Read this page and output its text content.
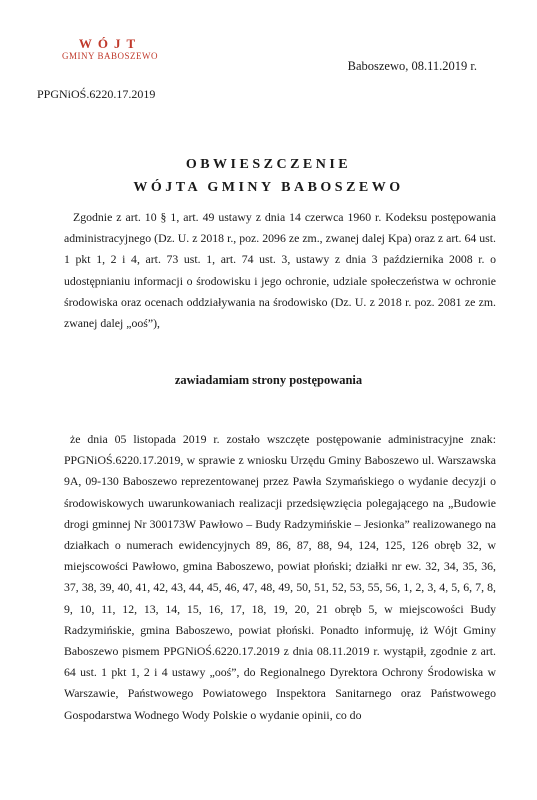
WÓJT
GMINY BABOSZEWO
Baboszewo, 08.11.2019 r.
PPGNiOŚ.6220.17.2019
OBWIESZCZENIE
WÓJTA GMINY BABOSZEWO

Zgodnie z art. 10 § 1, art. 49 ustawy z dnia 14 czerwca 1960 r. Kodeksu postępowania administracyjnego (Dz. U. z 2018 r., poz. 2096 ze zm., zwanej dalej Kpa) oraz z art. 64 ust. 1 pkt 1, 2 i 4, art. 73 ust. 1, art. 74 ust. 3, ustawy z dnia 3 października 2008 r. o udostępnianiu informacji o środowisku i jego ochronie, udziale społeczeństwa w ochronie środowiska oraz ocenach oddziaływania na środowisko (Dz. U. z 2018 r. poz. 2081 ze zm. zwanej dalej „ooś”),

zawiadamiam strony postępowania

że dnia 05 listopada 2019 r. zostało wszczęte postępowanie administracyjne znak: PPGNiOŚ.6220.17.2019, w sprawie z wniosku Urzędu Gminy Baboszewo ul. Warszawska 9A, 09-130 Baboszewo reprezentowanej przez Pawła Szymańskiego o wydanie decyzji o środowiskowych uwarunkowaniach realizacji przedsięwzięcia polegającego na „Budowie drogi gminnej Nr 300173W Pawłowo – Budy Radzymińskie – Jesionka” realizowanego na działkach o numerach ewidencyjnych 89, 86, 87, 88, 94, 124, 125, 126 obręb 32, w miejscowości Pawłowo, gmina Baboszewo, powiat płoński; działki nr ew. 32, 34, 35, 36, 37, 38, 39, 40, 41, 42, 43, 44, 45, 46, 47, 48, 49, 50, 51, 52, 53, 55, 56, 1, 2, 3, 4, 5, 6, 7, 8, 9, 10, 11, 12, 13, 14, 15, 16, 17, 18, 19, 20, 21 obręb 5, w miejscowości Budy Radzymińskie, gmina Baboszewo, powiat płoński. Ponadto informuję, iż Wójt Gminy Baboszewo pismem PPGNiOŚ.6220.17.2019 z dnia 08.11.2019 r. wystąpił, zgodnie z art. 64 ust. 1 pkt 1, 2 i 4 ustawy „ooś”, do Regionalnego Dyrektora Ochrony Środowiska w Warszawie, Państwowego Powiatowego Inspektora Sanitarnego oraz Państwowego Gospodarstwa Wodnego Wody Polskie o wydanie opinii, co do
